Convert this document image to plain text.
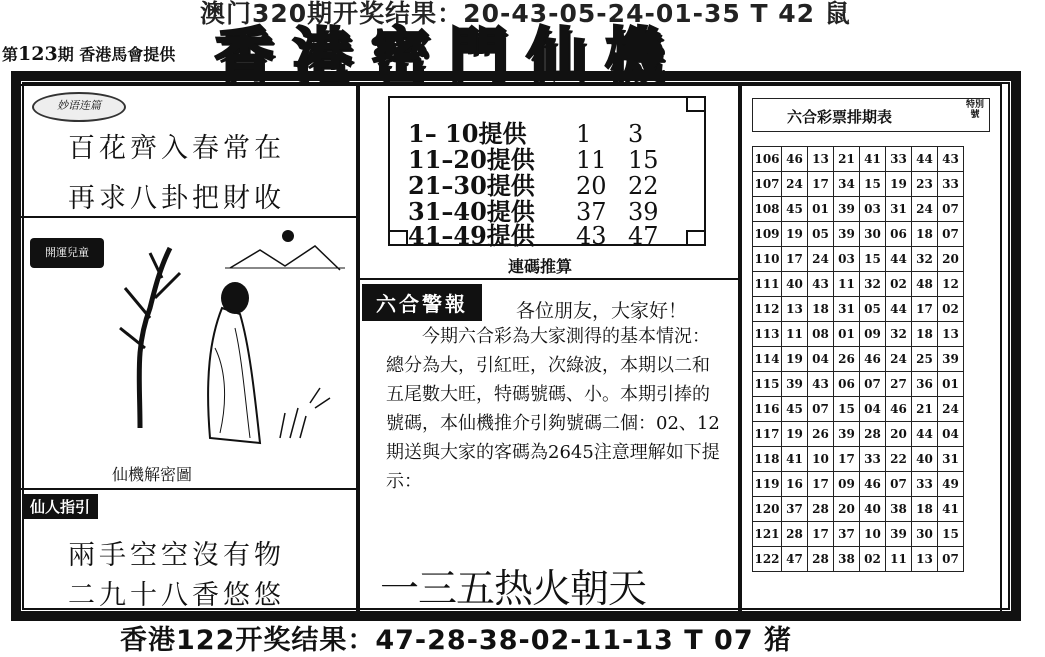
澳门320期开奖结果：20-43-05-24-01-35 T 42 鼠
第123期 香港馬會提供 香港密門仙機
妙语连篇
百花齊入春常在
再求八卦把財收
開運兒童
仙機解密圖
仙人指引
兩手空空沒有物
二九十八香悠悠
1– 10提供 1 3
11–20提供 11 15
21–30提供 20 22
31–40提供 37 39
41–49提供 43 47
連碼推算
六合警報	各位朋友，大家好！
　　今期六合彩為大家測得的基本情況：總分為大，引紅旺，次綠波，本期以二和五尾數大旺，特碼號碼、小。本期引捧的號碼，本仙機推介引夠號碼二個：02、12期送與大家的客碼為2645注意理解如下提示：
一三五热火朝天
六合彩票排期表
特別號
106	46	13	21	41	33	44	43
107	24	17	34	15	19	23	33
108	45	01	39	03	31	24	07
109	19	05	39	30	06	18	07
110	17	24	03	15	44	32	20
111	40	43	11	32	02	48	12
112	13	18	31	05	44	17	02
113	11	08	01	09	32	18	13
114	19	04	26	46	24	25	39
115	39	43	06	07	27	36	01
116	45	07	15	04	46	21	24
117	19	26	39	28	20	44	04
118	41	10	17	33	22	40	31
119	16	17	09	46	07	33	49
120	37	28	20	40	38	18	41
121	28	17	37	10	39	30	15
122	47	28	38	02	11	13	07
香港122开奖结果：47-28-38-02-11-13 T 07 猪
